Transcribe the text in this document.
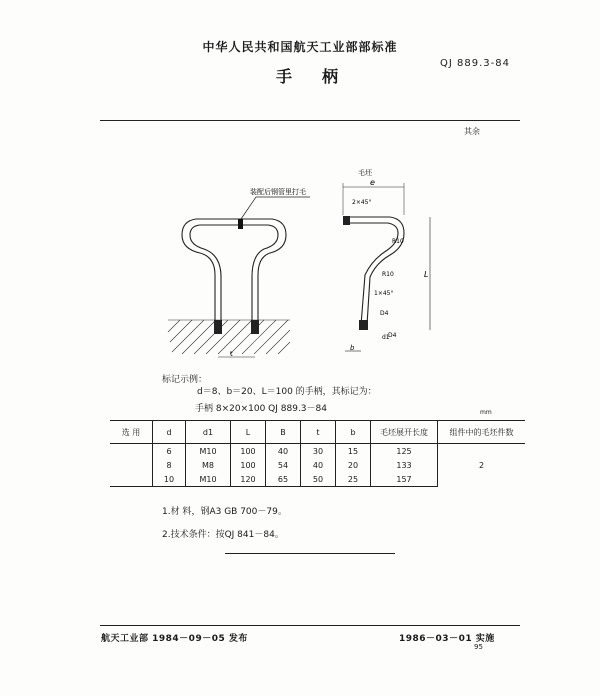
中华人民共和国航天工业部部标准
手 柄
QJ 889.3-84
其余
装配后钢管里打毛
t
毛坯
e
2×45°
R10
R10
1×45°
D4
d1
D4
L
b
标记示例：
d＝8、b＝20、L＝100 的手柄，其标记为：
手柄 8×20×100 QJ 889.3－84	mm
选 用	d	d1	L	B	t	b	毛坯展开长度	组件中的毛坯件数
	6	M10	100	40	30	15	125	2
	8	M8	100	54	40	20	133	
	10	M10	120	65	50	25	157	
1.材 料，钢A3 GB 700－79。
2.技术条件：按QJ 841－84。
航天工业部 1984－09－05 发布	1986－03－01 实施
95
